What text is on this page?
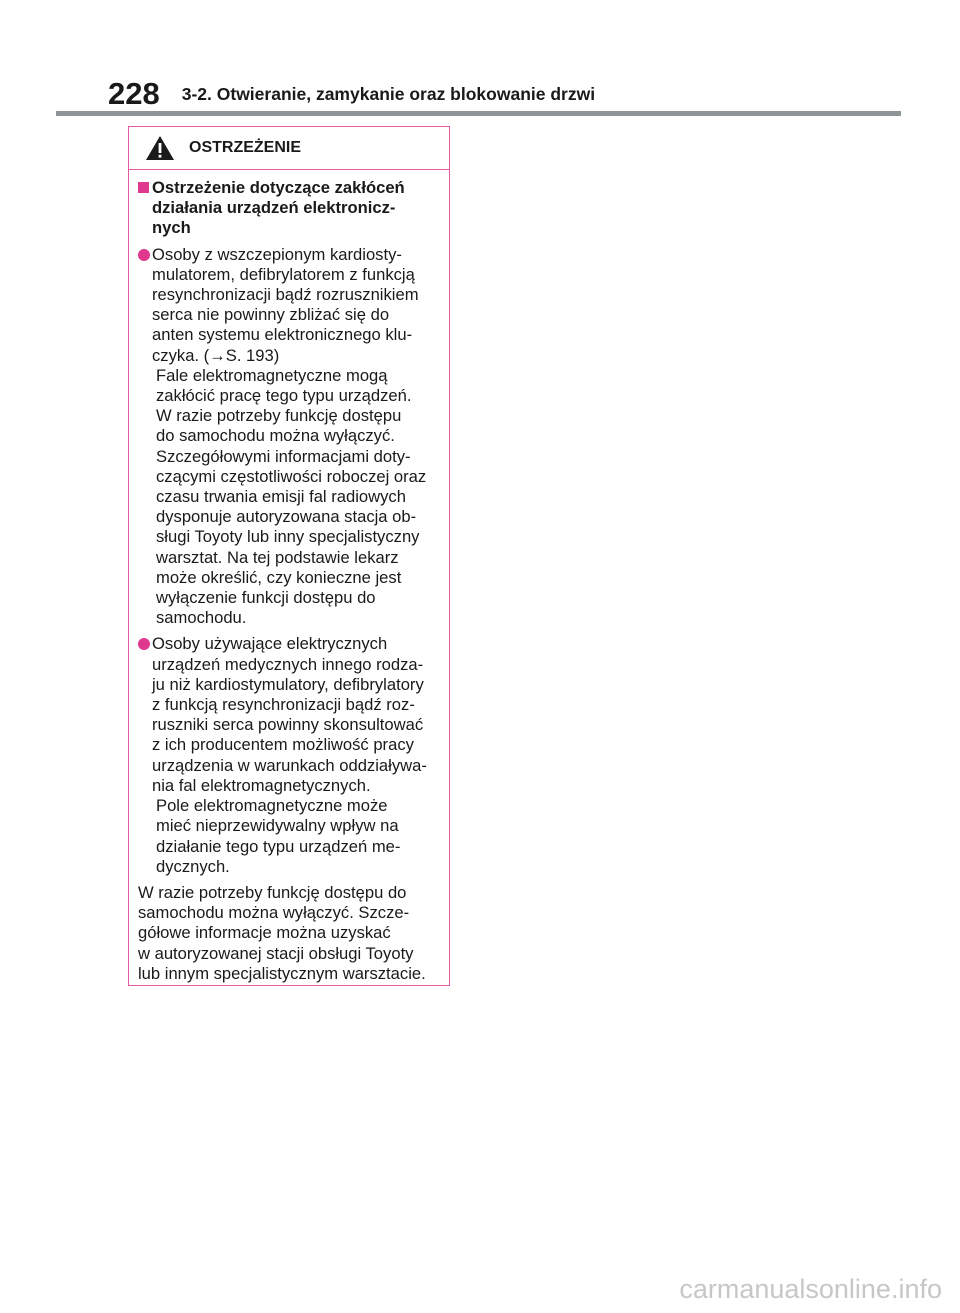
228 3-2. Otwieranie, zamykanie oraz blokowanie drzwi
OSTRZEŻENIE
Ostrzeżenie dotyczące zakłóceń
działania urządzeń elektronicz-
nych
Osoby z wszczepionym kardiosty-
mulatorem, defibrylatorem z funkcją
resynchronizacji bądź rozrusznikiem
serca nie powinny zbliżać się do
anten systemu elektronicznego klu-
czyka. (→S. 193)
Fale elektromagnetyczne mogą
zakłócić pracę tego typu urządzeń.
W razie potrzeby funkcję dostępu
do samochodu można wyłączyć.
Szczegółowymi informacjami doty-
czącymi częstotliwości roboczej oraz
czasu trwania emisji fal radiowych
dysponuje autoryzowana stacja ob-
sługi Toyoty lub inny specjalistyczny
warsztat. Na tej podstawie lekarz
może określić, czy konieczne jest
wyłączenie funkcji dostępu do
samochodu.
Osoby używające elektrycznych
urządzeń medycznych innego rodza-
ju niż kardiostymulatory, defibrylatory
z funkcją resynchronizacji bądź roz-
ruszniki serca powinny skonsultować
z ich producentem możliwość pracy
urządzenia w warunkach oddziaływa-
nia fal elektromagnetycznych.
Pole elektromagnetyczne może
mieć nieprzewidywalny wpływ na
działanie tego typu urządzeń me-
dycznych.
W razie potrzeby funkcję dostępu do
samochodu można wyłączyć. Szcze-
gółowe informacje można uzyskać
w autoryzowanej stacji obsługi Toyoty
lub innym specjalistycznym warsztacie.
carmanualsonline.info
